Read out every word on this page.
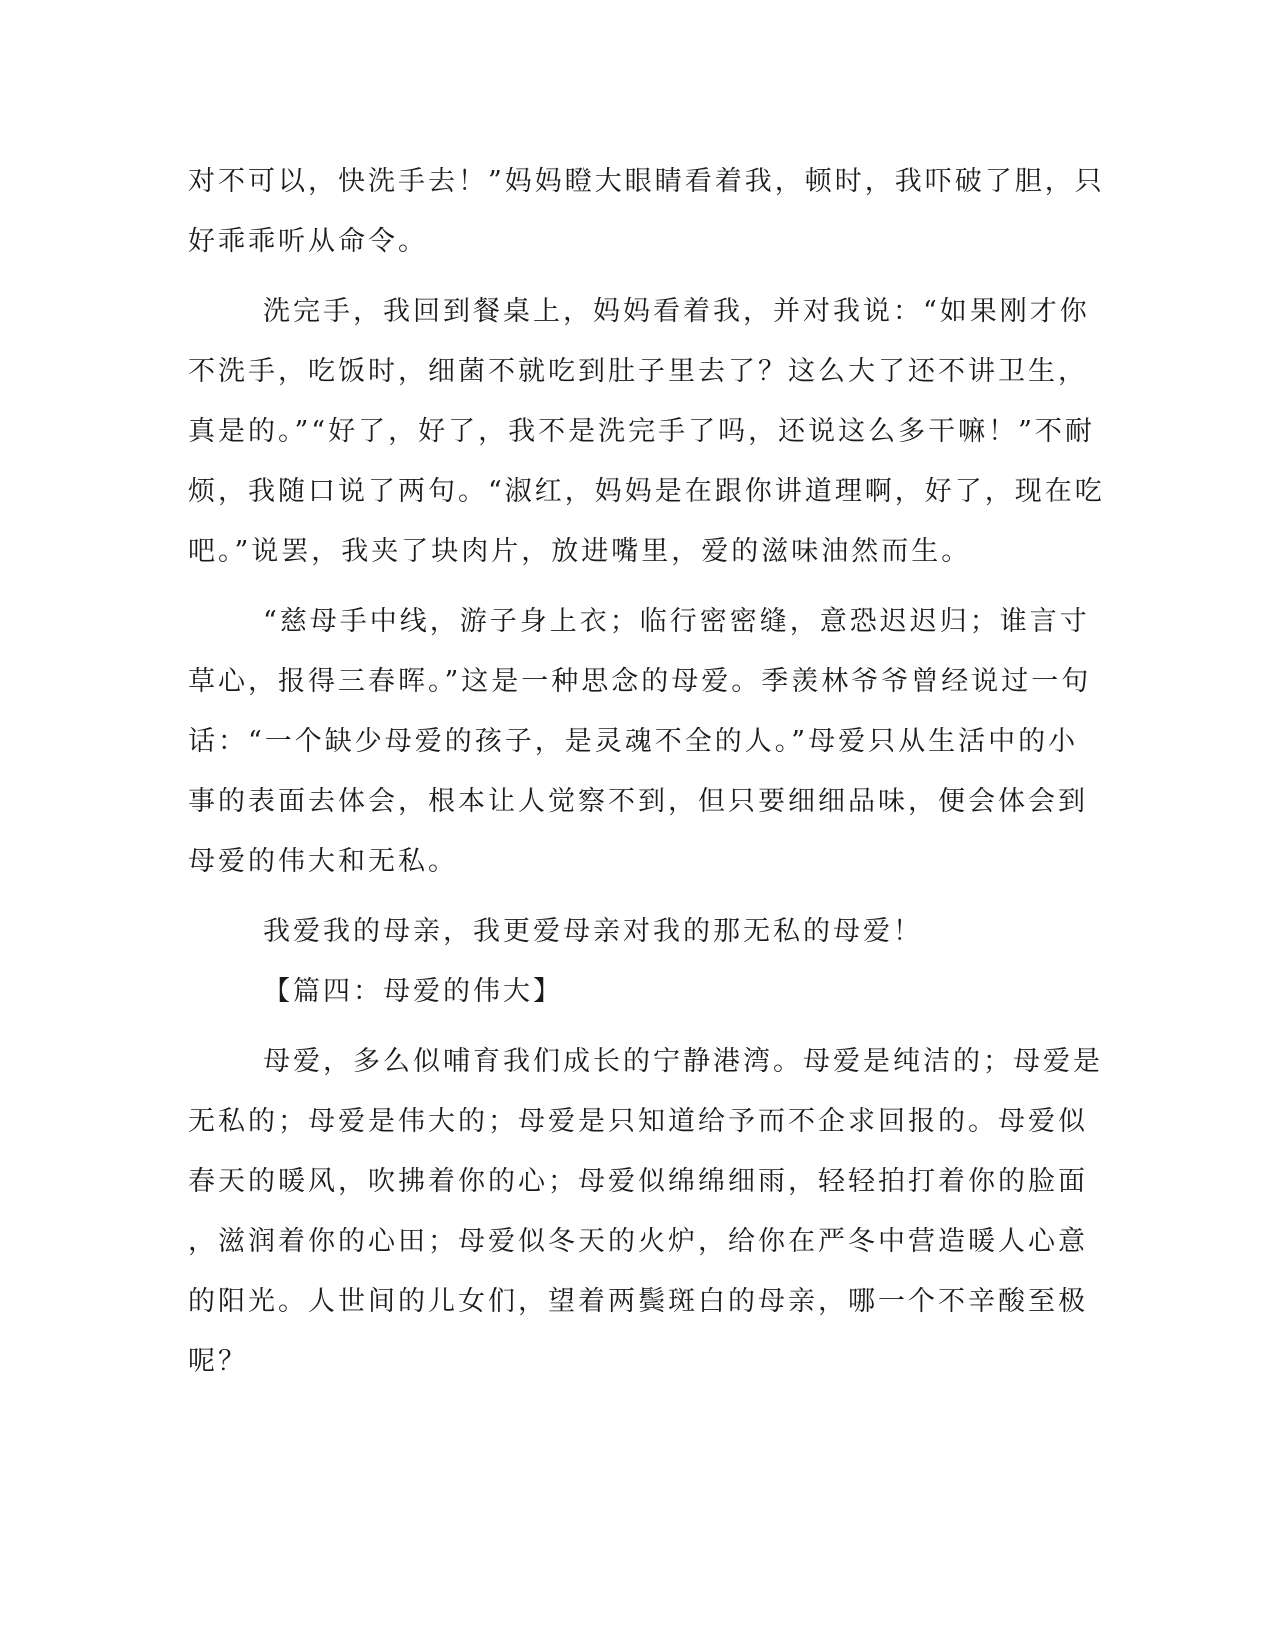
对不可以，快洗手去！”妈妈瞪大眼睛看着我，顿时，我吓破了胆，只
好乖乖听从命令。
洗完手，我回到餐桌上，妈妈看着我，并对我说：“如果刚才你
不洗手，吃饭时，细菌不就吃到肚子里去了？这么大了还不讲卫生，
真是的。”“好了，好了，我不是洗完手了吗，还说这么多干嘛！”不耐
烦，我随口说了两句。“淑红，妈妈是在跟你讲道理啊，好了，现在吃
吧。”说罢，我夹了块肉片，放进嘴里，爱的滋味油然而生。
“慈母手中线，游子身上衣；临行密密缝，意恐迟迟归；谁言寸
草心，报得三春晖。”这是一种思念的母爱。季羡林爷爷曾经说过一句
话：“一个缺少母爱的孩子，是灵魂不全的人。”母爱只从生活中的小
事的表面去体会，根本让人觉察不到，但只要细细品味，便会体会到
母爱的伟大和无私。
我爱我的母亲，我更爱母亲对我的那无私的母爱！
【篇四：母爱的伟大】
母爱，多么似哺育我们成长的宁静港湾。母爱是纯洁的；母爱是
无私的；母爱是伟大的；母爱是只知道给予而不企求回报的。母爱似
春天的暖风，吹拂着你的心；母爱似绵绵细雨，轻轻拍打着你的脸面
，滋润着你的心田；母爱似冬天的火炉，给你在严冬中营造暖人心意
的阳光。人世间的儿女们，望着两鬓斑白的母亲，哪一个不辛酸至极
呢？
